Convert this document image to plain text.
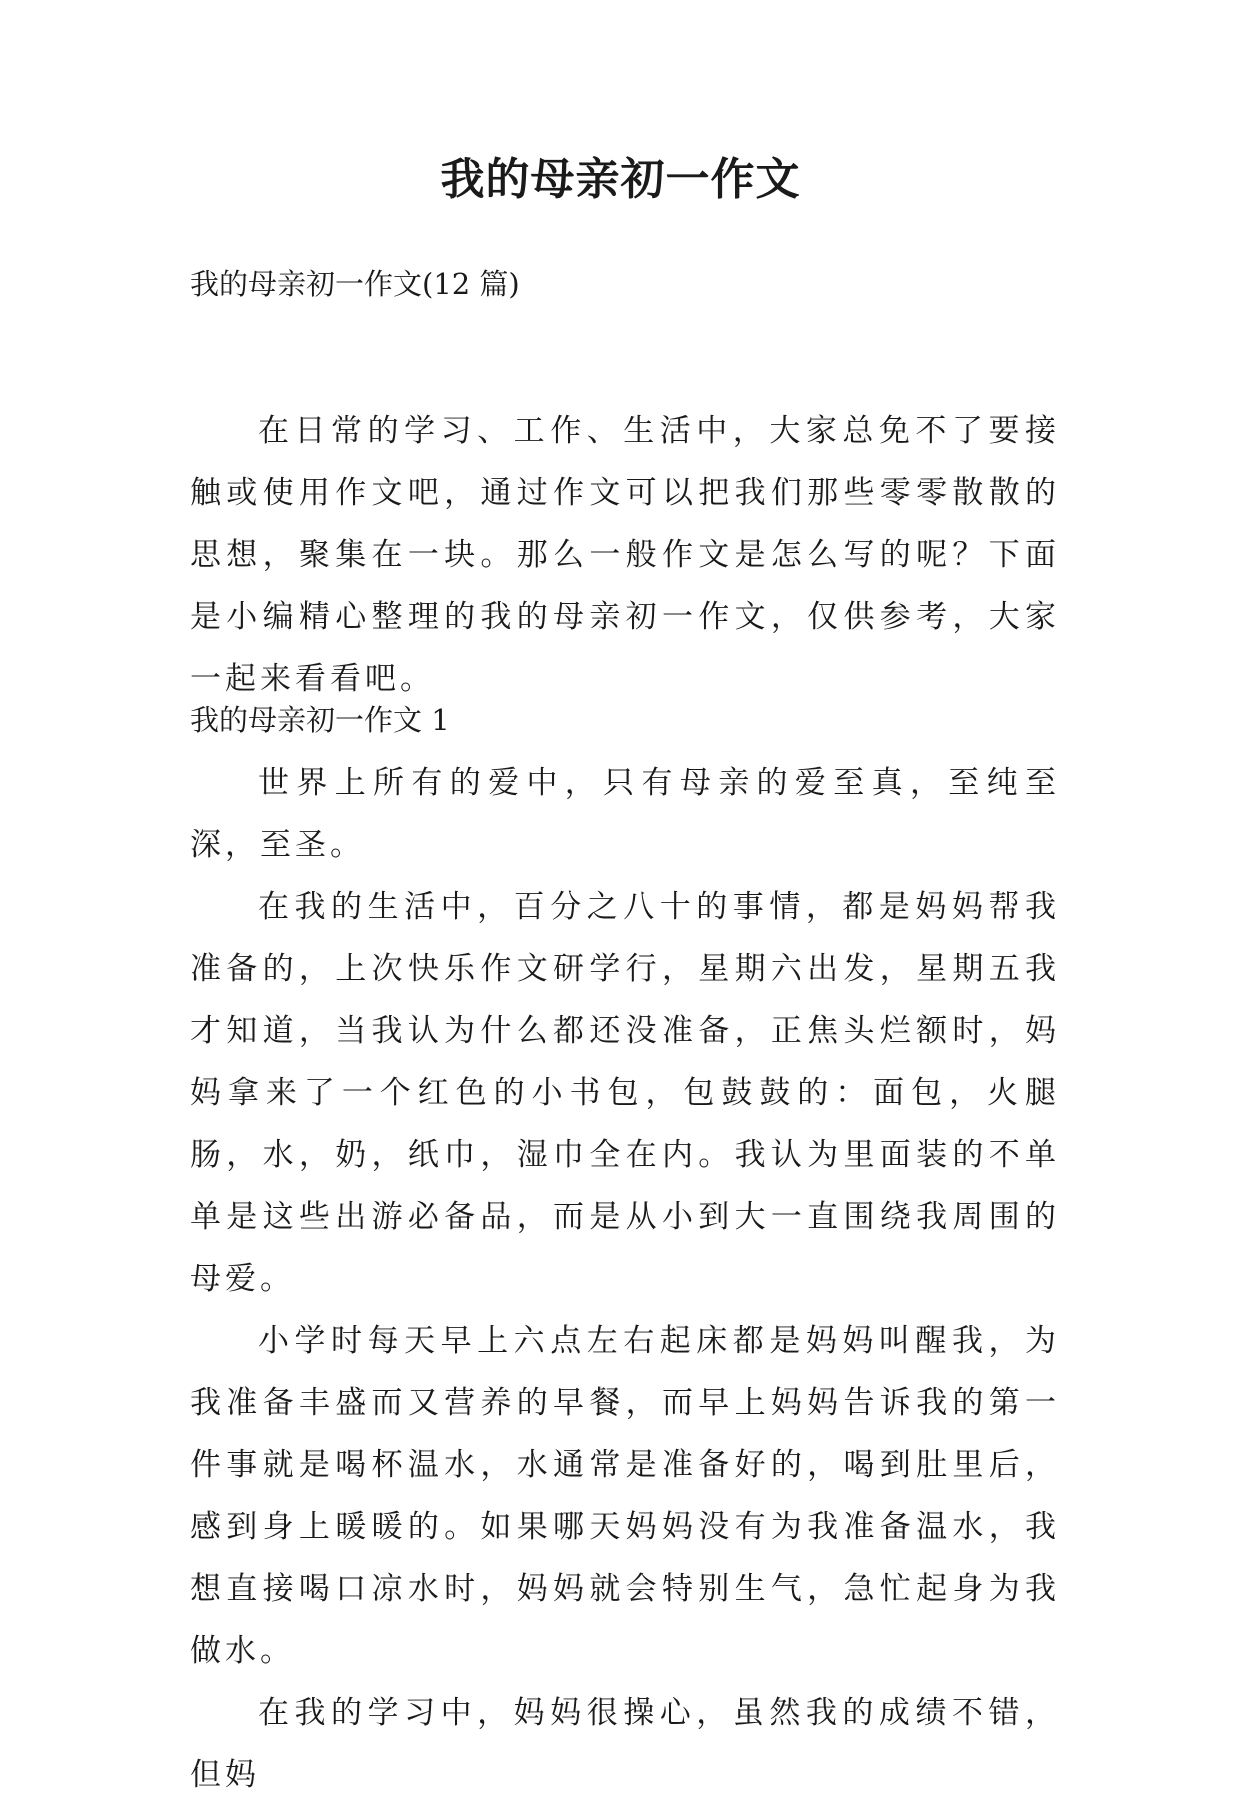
我的母亲初一作文

我的母亲初一作文(12 篇)

在日常的学习、工作、生活中，大家总免不了要接触或使用作文吧，通过作文可以把我们那些零零散散的思想，聚集在一块。那么一般作文是怎么写的呢？下面是小编精心整理的我的母亲初一作文，仅供参考，大家一起来看看吧。

我的母亲初一作文 1

世界上所有的爱中，只有母亲的爱至真，至纯至深，至圣。

在我的生活中，百分之八十的事情，都是妈妈帮我准备的，上次快乐作文研学行，星期六出发，星期五我才知道，当我认为什么都还没准备，正焦头烂额时，妈妈拿来了一个红色的小书包，包鼓鼓的：面包，火腿肠，水，奶，纸巾，湿巾全在内。我认为里面装的不单单是这些出游必备品，而是从小到大一直围绕我周围的母爱。

小学时每天早上六点左右起床都是妈妈叫醒我，为我准备丰盛而又营养的早餐，而早上妈妈告诉我的第一件事就是喝杯温水，水通常是准备好的，喝到肚里后，感到身上暖暖的。如果哪天妈妈没有为我准备温水，我想直接喝口凉水时，妈妈就会特别生气，急忙起身为我做水。

在我的学习中，妈妈很操心，虽然我的成绩不错，但妈
